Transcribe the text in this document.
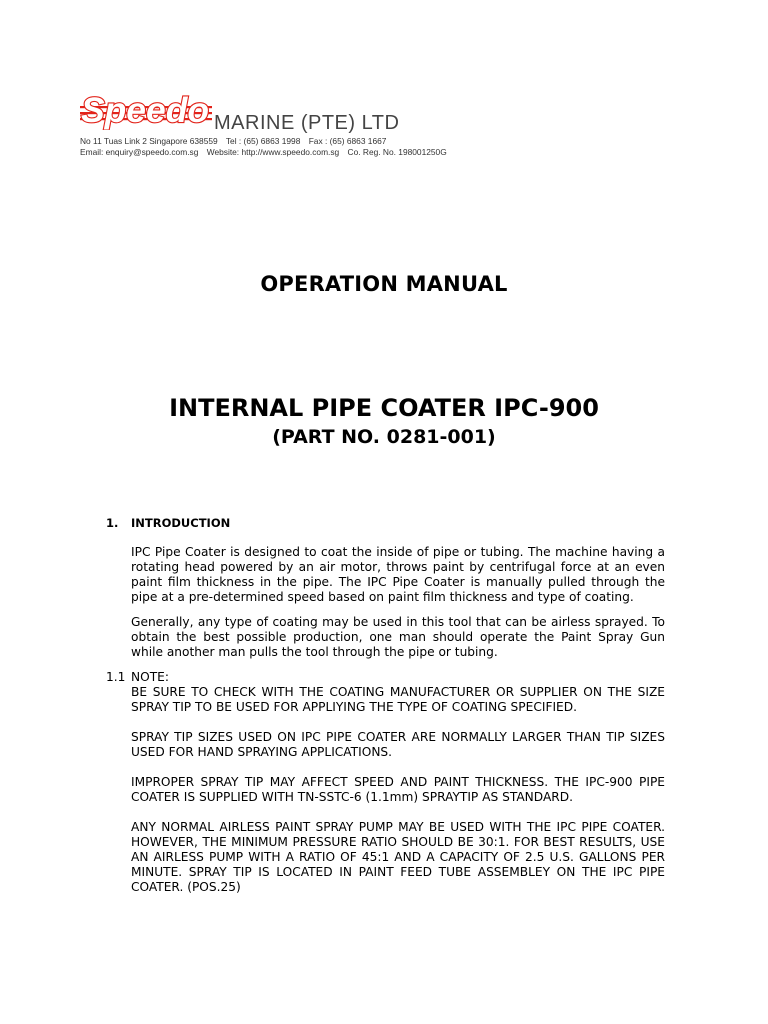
Speedo MARINE (PTE) LTD
No 11 Tuas Link 2 Singapore 638559 Tel : (65) 6863 1998 Fax : (65) 6863 1667
Email: enquiry@speedo.com.sg Website: http://www.speedo.com.sg Co. Reg. No. 198001250G
OPERATION MANUAL
INTERNAL PIPE COATER IPC-900
(PART NO. 0281-001)
1. INTRODUCTION
IPC Pipe Coater is designed to coat the inside of pipe or tubing. The machine having a rotating head powered by an air motor, throws paint by centrifugal force at an even paint film thickness in the pipe. The IPC Pipe Coater is manually pulled through the pipe at a pre-determined speed based on paint film thickness and type of coating.
Generally, any type of coating may be used in this tool that can be airless sprayed. To obtain the best possible production, one man should operate the Paint Spray Gun while another man pulls the tool through the pipe or tubing.
1.1 NOTE:
BE SURE TO CHECK WITH THE COATING MANUFACTURER OR SUPPLIER ON THE SIZE SPRAY TIP TO BE USED FOR APPLIYING THE TYPE OF COATING SPECIFIED.
SPRAY TIP SIZES USED ON IPC PIPE COATER ARE NORMALLY LARGER THAN TIP SIZES USED FOR HAND SPRAYING APPLICATIONS.
IMPROPER SPRAY TIP MAY AFFECT SPEED AND PAINT THICKNESS. THE IPC-900 PIPE COATER IS SUPPLIED WITH TN-SSTC-6 (1.1mm) SPRAYTIP AS STANDARD.
ANY NORMAL AIRLESS PAINT SPRAY PUMP MAY BE USED WITH THE IPC PIPE COATER. HOWEVER, THE MINIMUM PRESSURE RATIO SHOULD BE 30:1. FOR BEST RESULTS, USE AN AIRLESS PUMP WITH A RATIO OF 45:1 AND A CAPACITY OF 2.5 U.S. GALLONS PER MINUTE. SPRAY TIP IS LOCATED IN PAINT FEED TUBE ASSEMBLEY ON THE IPC PIPE COATER. (POS.25)
